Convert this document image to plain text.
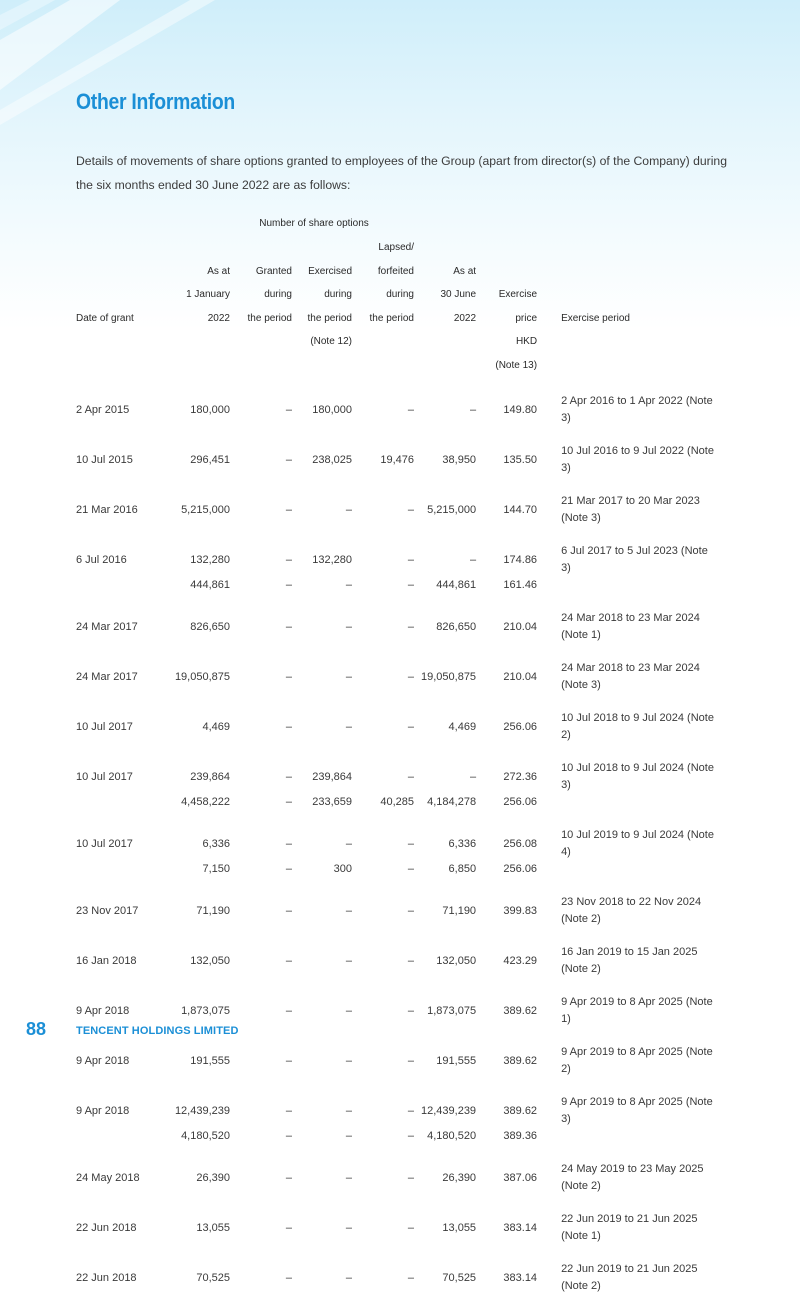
Other Information
Details of movements of share options granted to employees of the Group (apart from director(s) of the Company) during the six months ended 30 June 2022 are as follows:
	Number of share options						
				Lapsed/			
	As at	Granted	Exercised	forfeited	As at		
	1 January	during	during	during	30 June	Exercise	
Date of grant	2022	the period	the period	the period	2022	price	Exercise period
			(Note 12)			HKD	
						(Note 13)	

2 Apr 2015	180,000	–	180,000	–	–	149.80	2 Apr 2016 to 1 Apr 2022 (Note 3)

10 Jul 2015	296,451	–	238,025	19,476	38,950	135.50	10 Jul 2016 to 9 Jul 2022 (Note 3)

21 Mar 2016	5,215,000	–	–	–	5,215,000	144.70	21 Mar 2017 to 20 Mar 2023 (Note 3)

6 Jul 2016	132,280	–	132,280	–	–	174.86	6 Jul 2017 to 5 Jul 2023 (Note 3)
	444,861	–	–	–	444,861	161.46	

24 Mar 2017	826,650	–	–	–	826,650	210.04	24 Mar 2018 to 23 Mar 2024 (Note 1)

24 Mar 2017	19,050,875	–	–	–	19,050,875	210.04	24 Mar 2018 to 23 Mar 2024 (Note 3)

10 Jul 2017	4,469	–	–	–	4,469	256.06	10 Jul 2018 to 9 Jul 2024 (Note 2)

10 Jul 2017	239,864	–	239,864	–	–	272.36	10 Jul 2018 to 9 Jul 2024 (Note 3)
	4,458,222	–	233,659	40,285	4,184,278	256.06	

10 Jul 2017	6,336	–	–	–	6,336	256.08	10 Jul 2019 to 9 Jul 2024 (Note 4)
	7,150	–	300	–	6,850	256.06	

23 Nov 2017	71,190	–	–	–	71,190	399.83	23 Nov 2018 to 22 Nov 2024 (Note 2)

16 Jan 2018	132,050	–	–	–	132,050	423.29	16 Jan 2019 to 15 Jan 2025 (Note 2)

9 Apr 2018	1,873,075	–	–	–	1,873,075	389.62	9 Apr 2019 to 8 Apr 2025 (Note 1)

9 Apr 2018	191,555	–	–	–	191,555	389.62	9 Apr 2019 to 8 Apr 2025 (Note 2)

9 Apr 2018	12,439,239	–	–	–	12,439,239	389.62	9 Apr 2019 to 8 Apr 2025 (Note 3)
	4,180,520	–	–	–	4,180,520	389.36	

24 May 2018	26,390	–	–	–	26,390	387.06	24 May 2019 to 23 May 2025 (Note 2)

22 Jun 2018	13,055	–	–	–	13,055	383.14	22 Jun 2019 to 21 Jun 2025 (Note 1)

22 Jun 2018	70,525	–	–	–	70,525	383.14	22 Jun 2019 to 21 Jun 2025 (Note 2)
88	TENCENT HOLDINGS LIMITED
